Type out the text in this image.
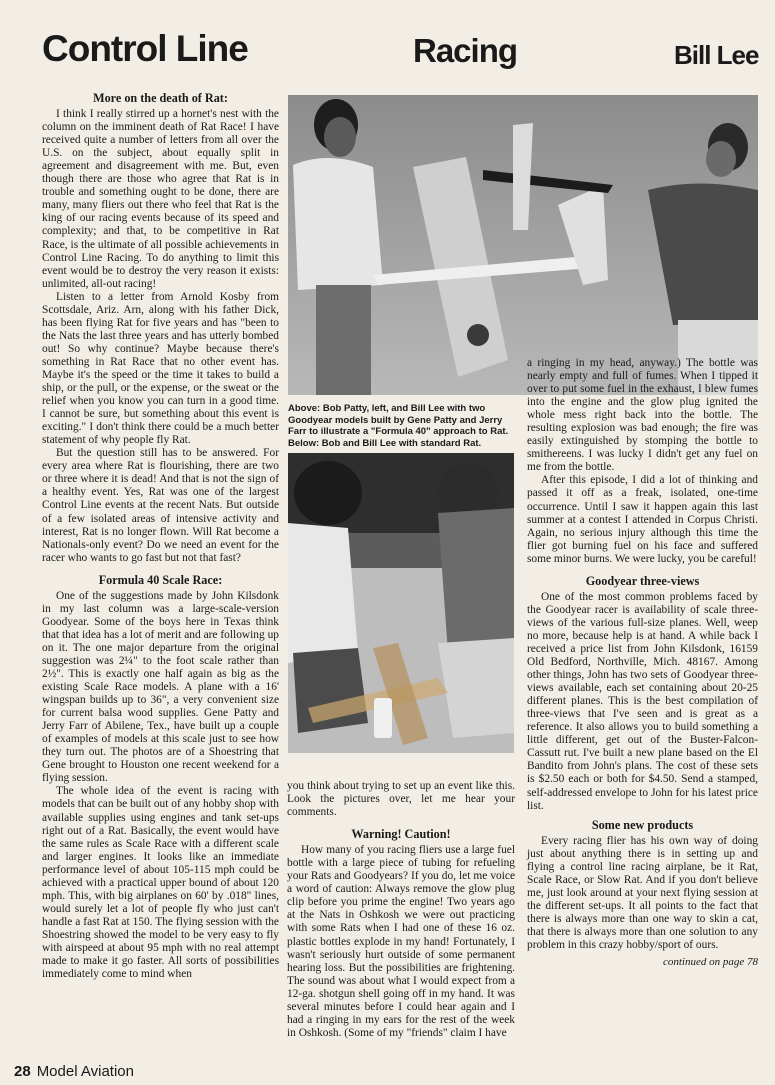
Control Line	Racing	Bill Lee
More on the death of Rat:

I think I really stirred up a hornet's nest with the column on the imminent death of Rat Race! I have received quite a number of letters from all over the U.S. on the subject, about equally split in agreement and disagreement with me. But, even though there are those who agree that Rat is in trouble and something ought to be done, there are many, many fliers out there who feel that Rat is the king of our racing events because of its speed and complexity; and that, to be competitive in Rat Race, is the ultimate of all possible achievements in Control Line Racing. To do anything to limit this event would be to destroy the very reason it exists: unlimited, all-out racing!

Listen to a letter from Arnold Kosby from Scottsdale, Ariz. Arn, along with his father Dick, has been flying Rat for five years and has "been to the Nats the last three years and has utterly bombed out! So why continue? Maybe because there's something in Rat Race that no other event has. Maybe it's the speed or the time it takes to build a ship, or the pull, or the expense, or the sweat or the relief when you know you can turn in a good time. I cannot be sure, but something about this event is exciting." I don't think there could be a much better statement of why people fly Rat.

But the question still has to be answered. For every area where Rat is flourishing, there are two or three where it is dead! And that is not the sign of a healthy event. Yes, Rat was one of the largest Control Line events at the recent Nats. But outside of a few isolated areas of intensive activity and interest, Rat is no longer flown. Will Rat become a Nationals-only event? Do we need an event for the racer who wants to go fast but not that fast?

Formula 40 Scale Race:

One of the suggestions made by John Kilsdonk in my last column was a large-scale-version Goodyear. Some of the boys here in Texas think that that idea has a lot of merit and are following up on it. The one major departure from the original suggestion was 2¼" to the foot scale rather than 2½". This is exactly one half again as big as the existing Scale Race models. A plane with a 16' wingspan builds up to 36", a very convenient size for current balsa wood supplies. Gene Patty and Jerry Farr of Abilene, Tex., have built up a couple of examples of models at this scale just to see how they turn out. The photos are of a Shoestring that Gene brought to Houston one recent weekend for a flying session.

The whole idea of the event is racing with models that can be built out of any hobby shop with available supplies using engines and tank set-ups right out of a Rat. Basically, the event would have the same rules as Scale Race with a different scale and larger engines. It looks like an immediate performance level of about 105-115 mph could be achieved with a practical upper bound of about 120 mph. This, with big airplanes on 60' by .018" lines, would surely let a lot of people fly who just can't handle a fast Rat at 150. The flying session with the Shoestring showed the model to be very easy to fly with airspeed at about 95 mph with no real attempt made to make it go faster. All sorts of possibilities immediately come to mind when

Above: Bob Patty, left, and Bill Lee with two Goodyear models built by Gene Patty and Jerry Farr to illustrate a "Formula 40" approach to Rat. Below: Bob and Bill Lee with standard Rat.

you think about trying to set up an event like this. Look the pictures over, let me hear your comments.

Warning! Caution!

How many of you racing fliers use a large fuel bottle with a large piece of tubing for refueling your Rats and Goodyears? If you do, let me voice a word of caution: Always remove the glow plug clip before you prime the engine! Two years ago at the Nats in Oshkosh we were out practicing with some Rats when I had one of these 16 oz. plastic bottles explode in my hand! Fortunately, I wasn't seriously hurt outside of some permanent hearing loss. But the possibilities are frightening. The sound was about what I would expect from a 12-ga. shotgun shell going off in my hand. It was several minutes before I could hear again and I had a ringing in my ears for the rest of the week in Oshkosh. (Some of my "friends" claim I have

a ringing in my head, anyway.) The bottle was nearly empty and full of fumes. When I tipped it over to put some fuel in the exhaust, I blew fumes into the engine and the glow plug ignited the whole mess right back into the bottle. The resulting explosion was bad enough; the fire was easily extinguished by stomping the bottle to smithereens. I was lucky I didn't get any fuel on me from the bottle.

After this episode, I did a lot of thinking and passed it off as a freak, isolated, one-time occurrence. Until I saw it happen again this last summer at a contest I attended in Corpus Christi. Again, no serious injury although this time the flier got burning fuel on his face and suffered some minor burns. We were lucky, you be careful!

Goodyear three-views

One of the most common problems faced by the Goodyear racer is availability of scale three-views of the various full-size planes. Well, weep no more, because help is at hand. A while back I received a price list from John Kilsdonk, 16159 Old Bedford, Northville, Mich. 48167. Among other things, John has two sets of Goodyear three-views available, each set containing about 20-25 different planes. This is the best compilation of three-views that I've seen and is great as a reference. It also allows you to build something a little different, get out of the Buster-Falcon-Cassutt rut. I've built a new plane based on the El Bandito from John's plans. The cost of these sets is $2.50 each or both for $4.50. Send a stamped, self-addressed envelope to John for his latest price list.

Some new products

Every racing flier has his own way of doing just about anything there is in setting up and flying a control line racing airplane, be it Rat, Scale Race, or Slow Rat. And if you don't believe me, just look around at your next flying session at the different set-ups. It all points to the fact that there is always more than one way to skin a cat, that there is always more than one solution to any problem in this crazy hobby/sport of ours.

continued on page 78
28 Model Aviation
